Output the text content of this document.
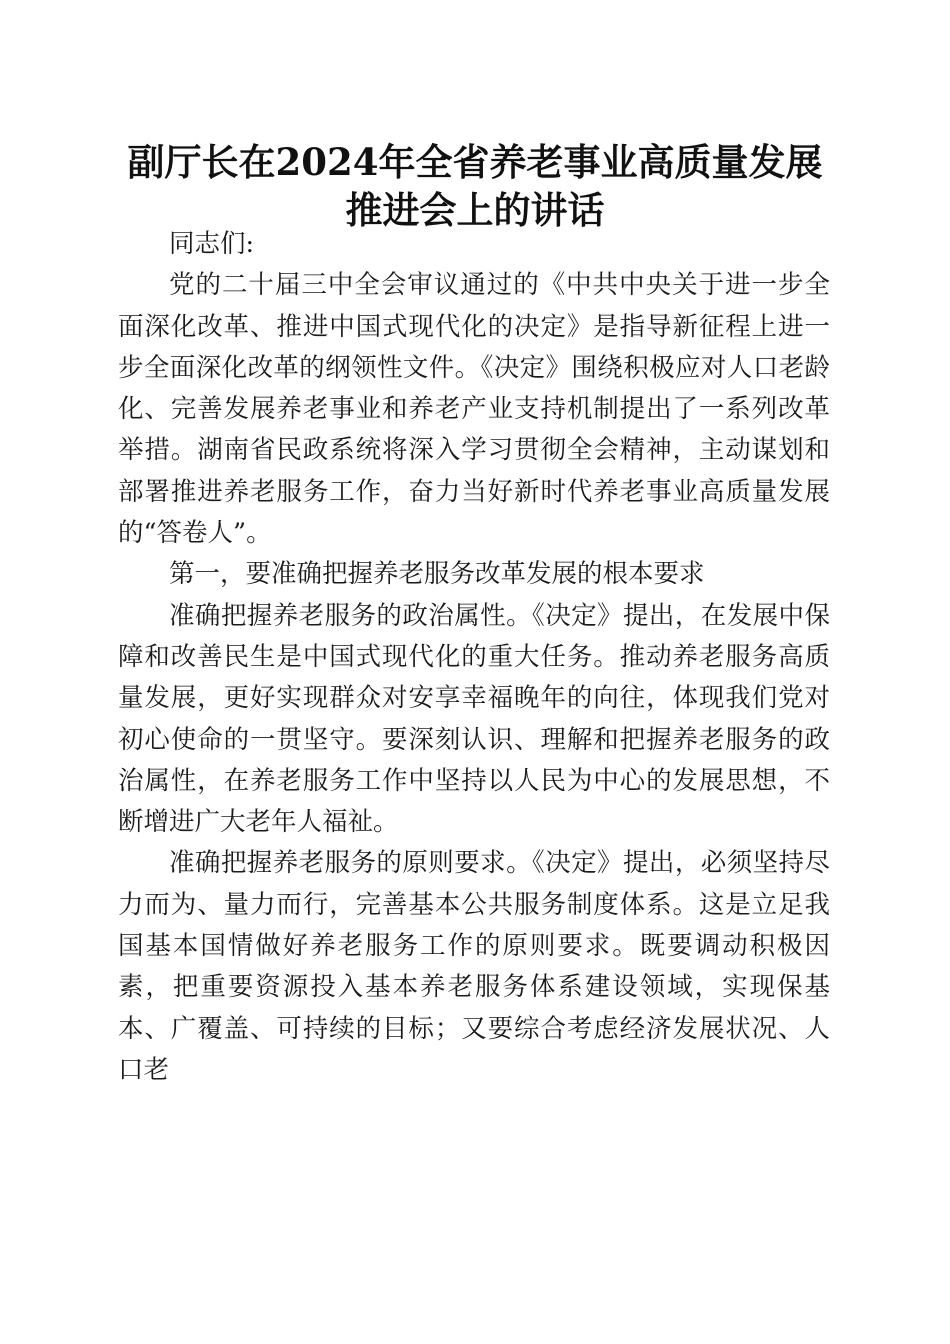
副厅长在2024年全省养老事业高质量发展推进会上的讲话

同志们:

党的二十届三中全会审议通过的《中共中央关于进一步全面深化改革、推进中国式现代化的决定》是指导新征程上进一步全面深化改革的纲领性文件。《决定》围绕积极应对人口老龄化、完善发展养老事业和养老产业支持机制提出了一系列改革举措。湖南省民政系统将深入学习贯彻全会精神，主动谋划和部署推进养老服务工作，奋力当好新时代养老事业高质量发展的“答卷人”。

第一，要准确把握养老服务改革发展的根本要求

准确把握养老服务的政治属性。《决定》提出，在发展中保障和改善民生是中国式现代化的重大任务。推动养老服务高质量发展，更好实现群众对安享幸福晚年的向往，体现我们党对初心使命的一贯坚守。要深刻认识、理解和把握养老服务的政治属性，在养老服务工作中坚持以人民为中心的发展思想，不断增进广大老年人福祉。

准确把握养老服务的原则要求。《决定》提出，必须坚持尽力而为、量力而行，完善基本公共服务制度体系。这是立足我国基本国情做好养老服务工作的原则要求。既要调动积极因素，把重要资源投入基本养老服务体系建设领域，实现保基本、广覆盖、可持续的目标；又要综合考虑经济发展状况、人口老
